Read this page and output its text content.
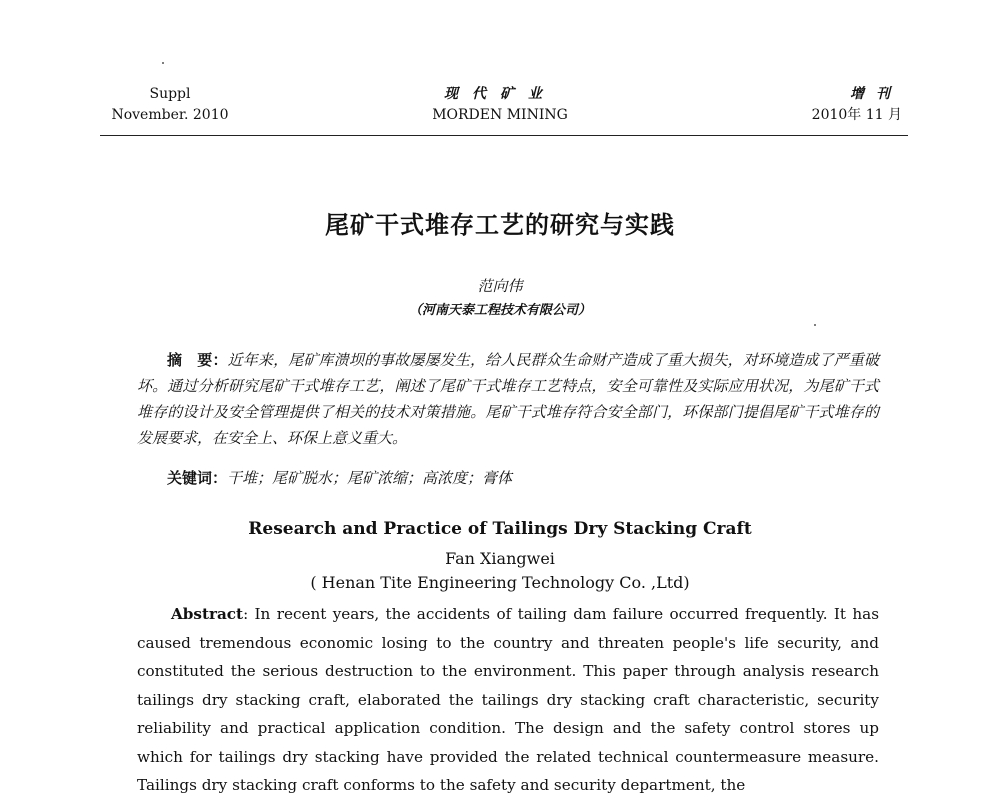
Suppl
November. 2010
现代矿业
MORDEN MINING
增刊
2010年 11 月
尾矿干式堆存工艺的研究与实践
范向伟
（河南天泰工程技术有限公司）
摘　要：近年来，尾矿库溃坝的事故屡屡发生，给人民群众生命财产造成了重大损失，对环境造成了严重破坏。通过分析研究尾矿干式堆存工艺，阐述了尾矿干式堆存工艺特点，安全可靠性及实际应用状况，为尾矿干式堆存的设计及安全管理提供了相关的技术对策措施。尾矿干式堆存符合安全部门，环保部门提倡尾矿干式堆存的发展要求，在安全上、环保上意义重大。
关键词：干堆；尾矿脱水；尾矿浓缩；高浓度；膏体
Research and Practice of Tailings Dry Stacking Craft
Fan Xiangwei
( Henan Tite Engineering Technology Co. ,Ltd)
Abstract: In recent years, the accidents of tailing dam failure occurred frequently. It has caused tremendous economic losing to the country and threaten people's life security, and constituted the serious destruction to the environment. This paper through analysis research tailings dry stacking craft, elaborated the tailings dry stacking craft characteristic, security reliability and practical application condition. The design and the safety control stores up which for tailings dry stacking have provided the related technical countermeasure measure. Tailings dry stacking craft conforms to the safety and security department, the
